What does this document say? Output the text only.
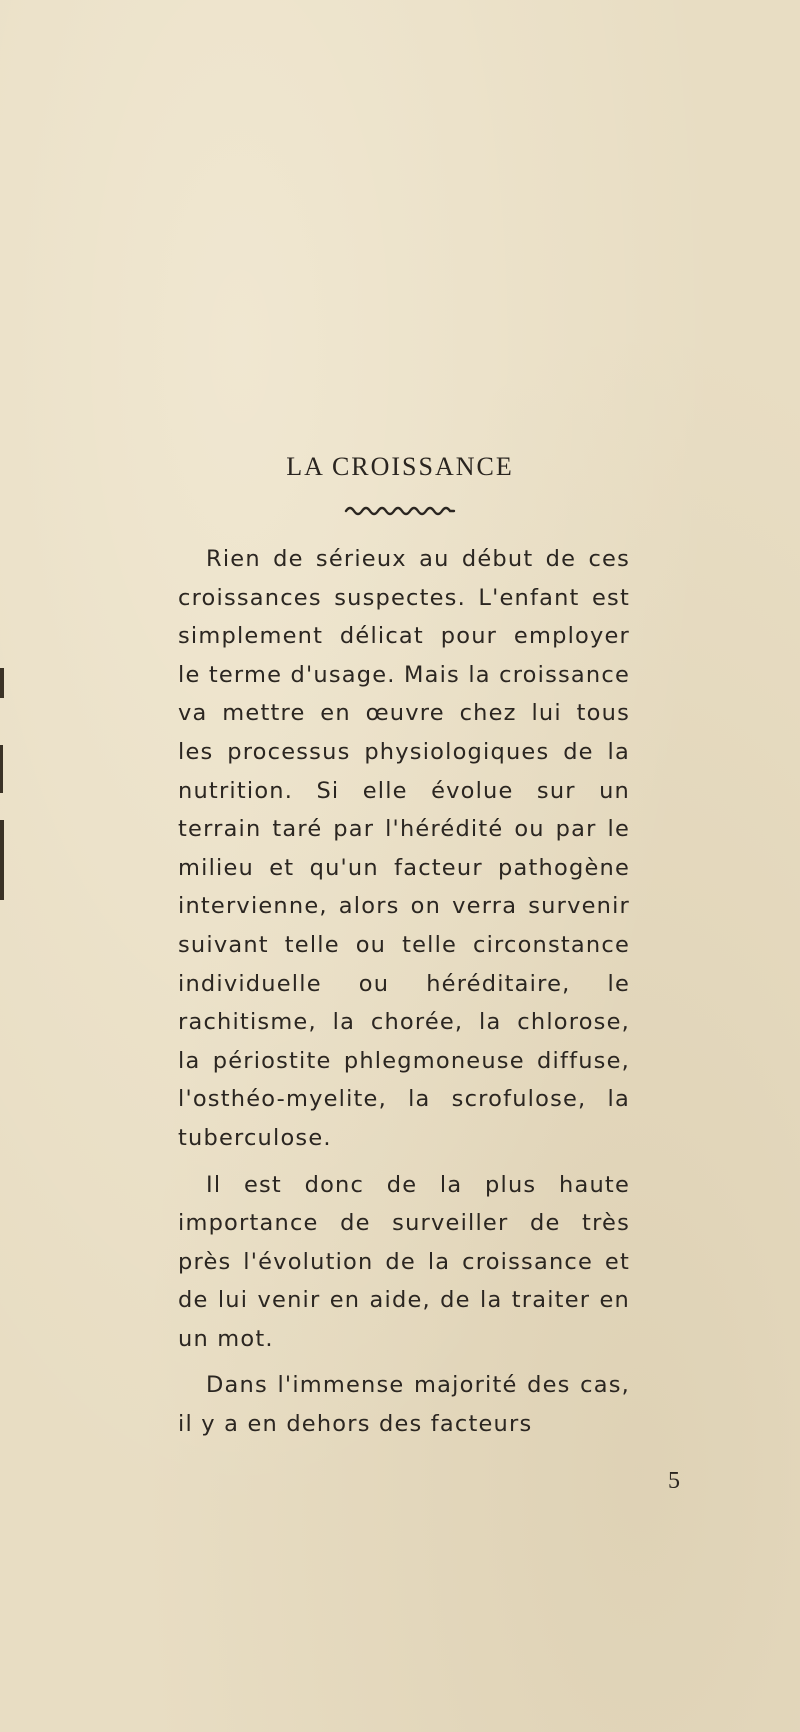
LA CROISSANCE

Rien de sérieux au début de ces croissances suspectes. L'enfant est simplement délicat pour employer le terme d'usage. Mais la croissance va mettre en œuvre chez lui tous les processus physiologiques de la nutrition. Si elle évolue sur un terrain taré par l'hérédité ou par le milieu et qu'un facteur pathogène intervienne, alors on verra survenir suivant telle ou telle circonstance individuelle ou héréditaire, le rachitisme, la chorée, la chlorose, la périostite phlegmoneuse diffuse, l'osthéo-myelite, la scrofulose, la tuberculose.

Il est donc de la plus haute importance de surveiller de très près l'évolution de la croissance et de lui venir en aide, de la traiter en un mot.

Dans l'immense majorité des cas, il y a en dehors des facteurs

5
